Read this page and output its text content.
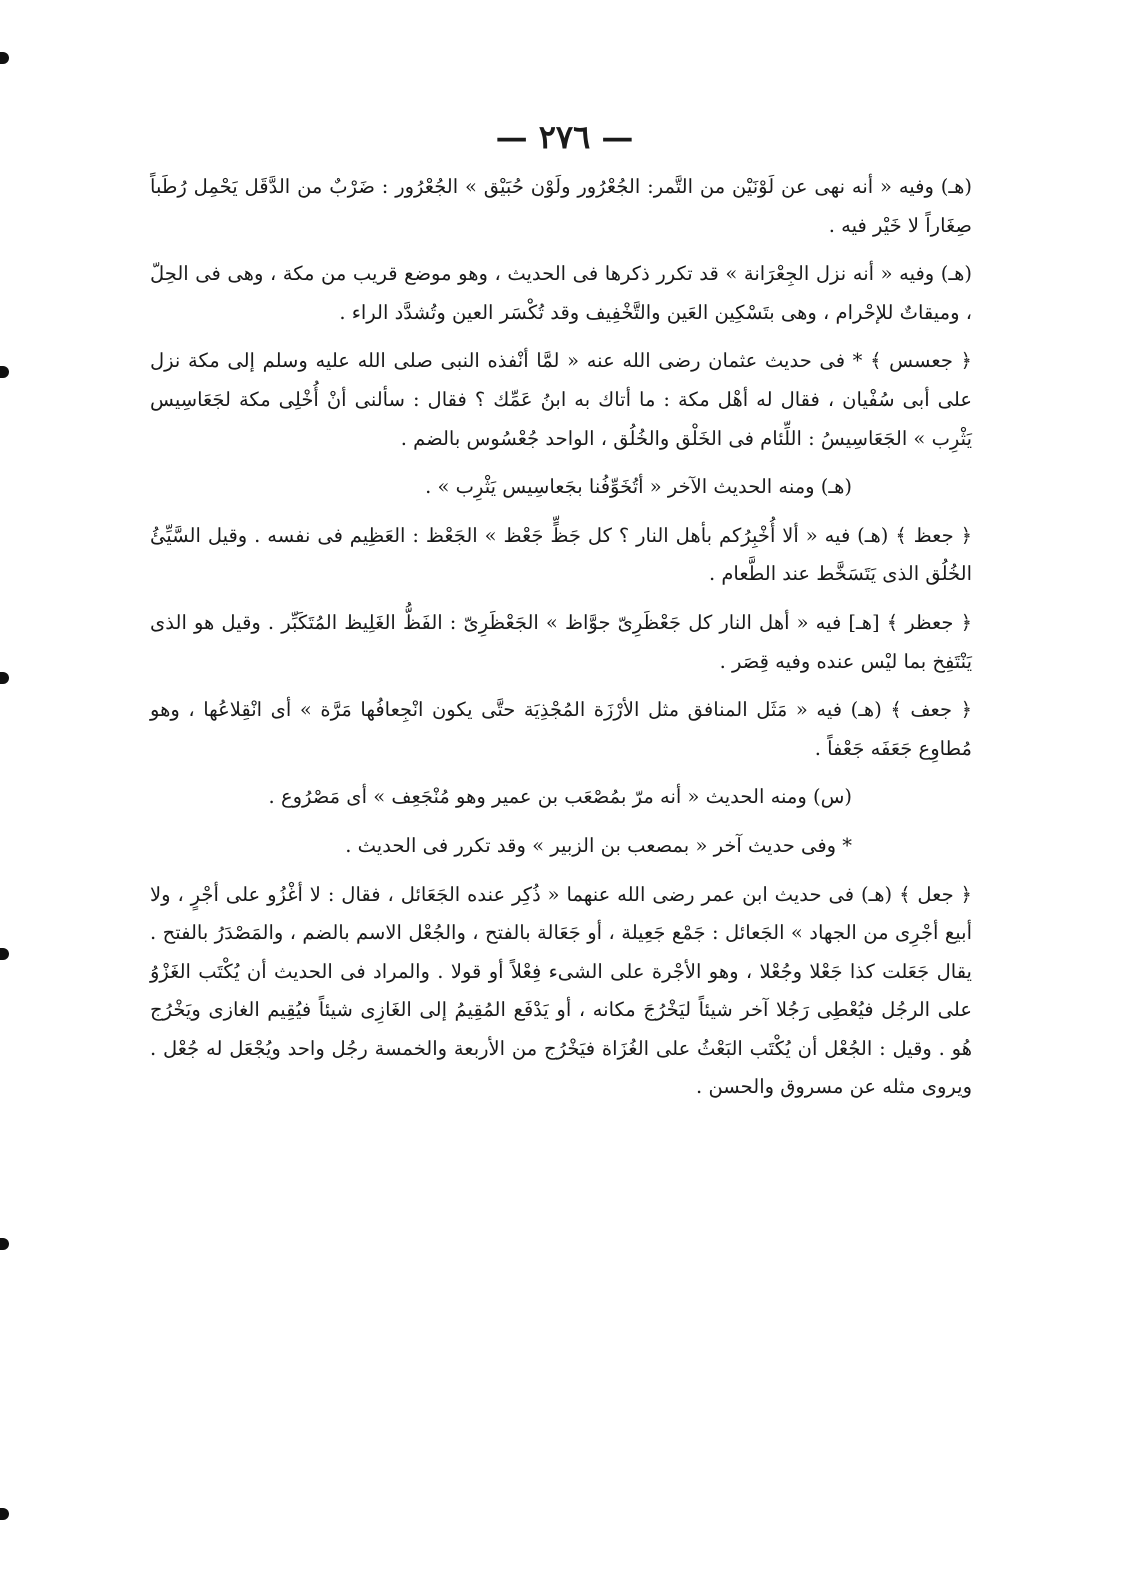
— ٢٧٦ —

(هـ) وفيه « أنه نهى عن لَوْنَيْن من التَّمر: الجُعْرُور ولَوْن حُبَيْق » الجُعْرُور : ضَرْبٌ من الدَّقَل يَحْمِل رُطَباً صِغَاراً لا خَيْر فيه .

(هـ) وفيه « أنه نزل الجِعْرَانة » قد تكرر ذكرها فى الحديث ، وهو موضع قريب من مكة ، وهى فى الحِلّ ، وميقاتٌ للإحْرام ، وهى بتَسْكِين العَين والتَّخْفِيف وقد تُكْسَر العين وتُشدَّد الراء .

﴿ جعسس ﴾ * فى حديث عثمان رضى الله عنه « لمَّا أنْفذه النبى صلى الله عليه وسلم إلى مكة نزل على أبى سُفْيان ، فقال له أهْل مكة : ما أتاك به ابنُ عَمِّك ؟ فقال : سألنى أنْ أُخْلِى مكة لجَعَاسِيس يَثْرِب » الجَعَاسِيسُ : اللِّئام فى الخَلْق والخُلُق ، الواحد جُعْسُوس بالضم .

(هـ) ومنه الحديث الآخر « أتُخَوِّفُنا بجَعاسِيس يَثْرِب » .

﴿ جعظ ﴾ (هـ) فيه « ألا أُخْبِرُكم بأهل النار ؟ كل جَظٍّ جَعْظ » الجَعْظ : العَظِيم فى نفسه . وقيل السَّيِّئُ الخُلُق الذى يَتَسَخَّط عند الطَّعام .

﴿ جعظر ﴾ [هـ] فيه « أهل النار كل جَعْظَرِىّ جوَّاظ » الجَعْظَرِىّ : الفَظُّ الغَلِيظ المُتَكَبِّر . وقيل هو الذى يَنْتَفِخ بما ليْس عنده وفيه قِصَر .

﴿ جعف ﴾ (هـ) فيه « مَثَل المنافق مثل الأرْزَة المُجْذِيَة حتَّى يكون انْجِعافُها مَرَّة » أى انْقِلاعُها ، وهو مُطاوِع جَعَفَه جَعْفاً .

(س) ومنه الحديث « أنه مرّ بمُصْعَب بن عمير وهو مُنْجَعِف » أى مَصْرُوع .

* وفى حديث آخر « بمصعب بن الزبير » وقد تكرر فى الحديث .

﴿ جعل ﴾ (هـ) فى حديث ابن عمر رضى الله عنهما « ذُكِر عنده الجَعَائل ، فقال : لا أغْزُو على أجْرٍ ، ولا أبيع أجْرِى من الجهاد » الجَعائل : جَمْع جَعِيلة ، أو جَعَالة بالفتح ، والجُعْل الاسم بالضم ، والمَصْدَرُ بالفتح . يقال جَعَلت كذا جَعْلا وجُعْلا ، وهو الأجْرة على الشىء فِعْلاً أو قولا . والمراد فى الحديث أن يُكْتَب الغَزْوُ على الرجُل فيُعْطِى رَجُلا آخر شيئاً ليَخْرُجَ مكانه ، أو يَدْفَع المُقِيمُ إلى الغَازِى شيئاً فيُقِيم الغازى ويَخْرُج هُو . وقيل : الجُعْل أن يُكْتَب البَعْثُ على الغُزَاة فيَخْرُج من الأربعة والخمسة رجُل واحد ويُجْعَل له جُعْل . ويروى مثله عن مسروق والحسن .
